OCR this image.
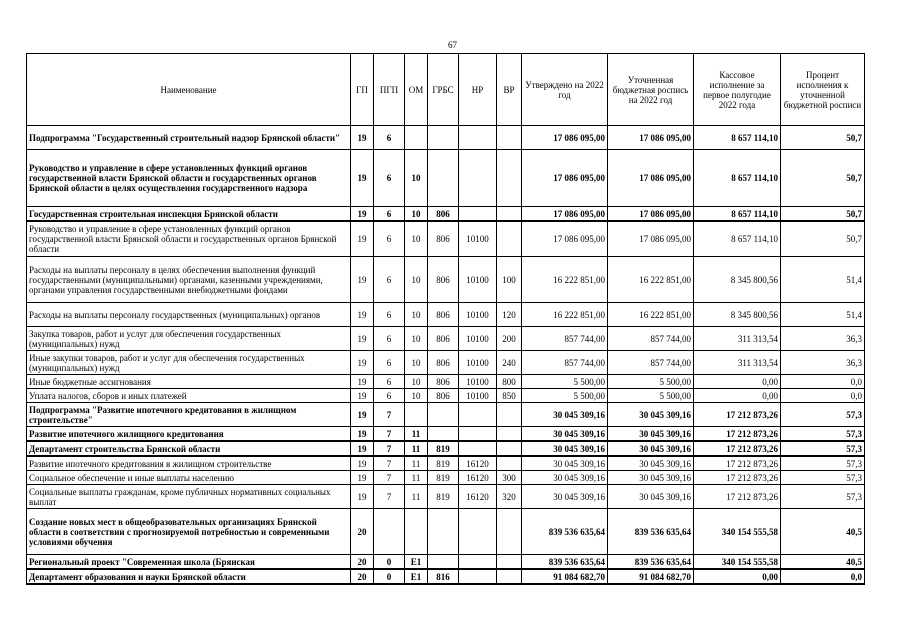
67
Наименование	ГП	ПГП	ОМ	ГРБС	НР	ВР	Утверждено на 2022 год	Уточненная бюджетная роспись на 2022 год	Кассовое исполнение за первое полугодие 2022 года	Процент исполнения к уточненной бюджетной росписи
Подпрограмма "Государственный строительный надзор Брянской области"	19	6					17 086 095,00	17 086 095,00	8 657 114,10	50,7
Руководство и управление в сфере установленных функций органов государственной власти Брянской области и государственных органов Брянской области в целях осуществления государственного надзора	19	6	10				17 086 095,00	17 086 095,00	8 657 114,10	50,7
Государственная строительная инспекция Брянской области	19	6	10	806			17 086 095,00	17 086 095,00	8 657 114,10	50,7
Руководство и управление в сфере установленных функций органов государственной власти Брянской области и государственных органов Брянской области	19	6	10	806	10100		17 086 095,00	17 086 095,00	8 657 114,10	50,7
Расходы на выплаты персоналу в целях обеспечения выполнения функций государственными (муниципальными) органами, казенными учреждениями, органами управления государственными внебюджетными фондами	19	6	10	806	10100	100	16 222 851,00	16 222 851,00	8 345 800,56	51,4
Расходы на выплаты персоналу государственных (муниципальных) органов	19	6	10	806	10100	120	16 222 851,00	16 222 851,00	8 345 800,56	51,4
Закупка товаров, работ и услуг для обеспечения государственных (муниципальных) нужд	19	6	10	806	10100	200	857 744,00	857 744,00	311 313,54	36,3
Иные закупки товаров, работ и услуг для обеспечения государственных (муниципальных) нужд	19	6	10	806	10100	240	857 744,00	857 744,00	311 313,54	36,3
Иные бюджетные ассигнования	19	6	10	806	10100	800	5 500,00	5 500,00	0,00	0,0
Уплата налогов, сборов и иных платежей	19	6	10	806	10100	850	5 500,00	5 500,00	0,00	0,0
Подпрограмма "Развитие ипотечного кредитования в жилищном строительстве"	19	7					30 045 309,16	30 045 309,16	17 212 873,26	57,3
Развитие ипотечного жилищного кредитования	19	7	11				30 045 309,16	30 045 309,16	17 212 873,26	57,3
Департамент строительства Брянской области	19	7	11	819			30 045 309,16	30 045 309,16	17 212 873,26	57,3
Развитие ипотечного кредитования в жилищном строительстве	19	7	11	819	16120		30 045 309,16	30 045 309,16	17 212 873,26	57,3
Социальное обеспечение и иные выплаты населению	19	7	11	819	16120	300	30 045 309,16	30 045 309,16	17 212 873,26	57,3
Социальные выплаты гражданам, кроме публичных нормативных социальных выплат	19	7	11	819	16120	320	30 045 309,16	30 045 309,16	17 212 873,26	57,3
Создание новых мест в общеобразовательных организациях Брянской области в соответствии с прогнозируемой потребностью и современными условиями обучения	20						839 536 635,64	839 536 635,64	340 154 555,58	40,5
Региональный проект "Современная школа (Брянская	20	0	E1				839 536 635,64	839 536 635,64	340 154 555,58	40,5
Департамент образования и науки Брянской области	20	0	E1	816			91 084 682,70	91 084 682,70	0,00	0,0
